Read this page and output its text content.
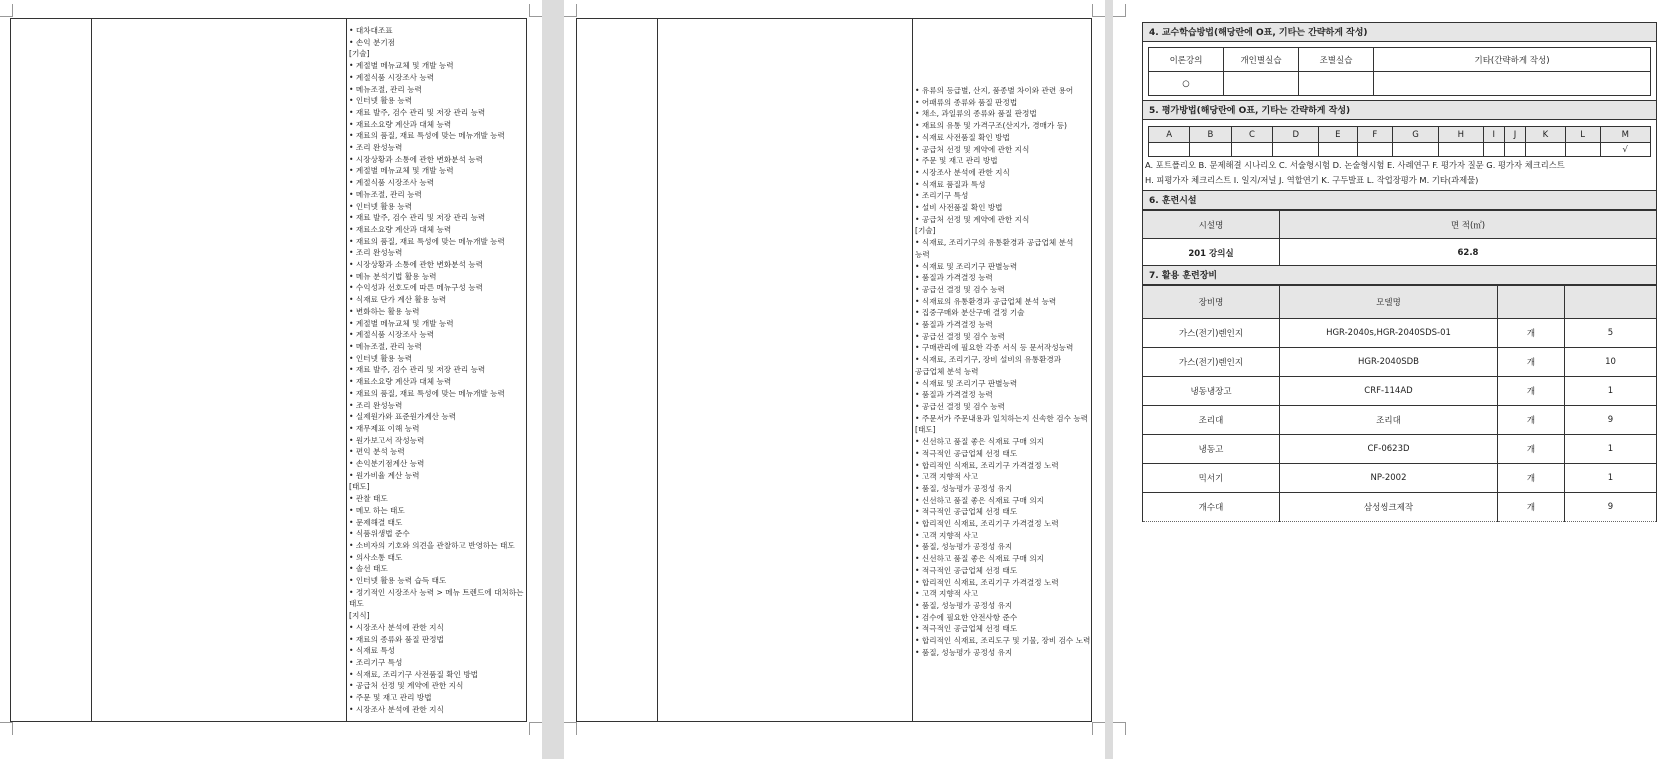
• 대차대조표
• 손익 분기점
[기술]
• 계절별 메뉴교체 및 개발 능력
• 계절식품 시장조사 능력
• 메뉴조절, 관리 능력
• 인터넷 활용 능력
• 재료 발주, 검수 관리 및 저장 관리 능력
• 재료소요량 계산과 대체 능력
• 재료의 품질, 재료 특성에 맞는 메뉴개발 능력
• 조리 완성능력
• 시장상황과 소통에 관한 변화분석 능력
• 계절별 메뉴교체 및 개발 능력
• 계절식품 시장조사 능력
• 메뉴조절, 관리 능력
• 인터넷 활용 능력
• 재료 발주, 검수 관리 및 저장 관리 능력
• 재료소요량 계산과 대체 능력
• 재료의 품질, 재료 특성에 맞는 메뉴개발 능력
• 조리 완성능력
• 시장상황과 소통에 관한 변화분석 능력
• 메뉴 분석기법 활용 능력
• 수익성과 선호도에 따른 메뉴구성 능력
• 식재료 단가 계산 활용 능력
• 변화하는 활용 능력
• 계절별 메뉴교체 및 개발 능력
• 계절식품 시장조사 능력
• 메뉴조절, 관리 능력
• 인터넷 활용 능력
• 재료 발주, 검수 관리 및 저장 관리 능력
• 재료소요량 계산과 대체 능력
• 재료의 품질, 재료 특성에 맞는 메뉴개발 능력
• 조리 완성능력
• 실제원가와 표준원가계산 능력
• 재무제표 이해 능력
• 원가보고서 작성능력
• 편익 분석 능력
• 손익분기점계산 능력
• 원가비율 계산 능력
[태도]
• 관찰 태도
• 메모 하는 태도
• 문제해결 태도
• 식품위생법 준수
• 소비자의 기호와 의견을 관찰하고 반영하는 태도
• 의사소통 태도
• 솔선 태도
• 인터넷 활용 능력 습득 태도
• 정기적인 시장조사 능력 > 메뉴 트렌드에 대처하는
태도
[지식]
• 시장조사 분석에 관한 지식
• 재료의 종류와 품질 판정법
• 식재료 특성
• 조리기구 특성
• 식재료, 조리기구 사전품질 확인 방법
• 공급처 선정 및 계약에 관한 지식
• 주문 및 재고 관리 방법
• 시장조사 분석에 관한 지식
• 유류의 등급별, 산지, 품종별 차이와 관련 용어
• 어패류의 종류와 품질 판정법
• 채소, 과일류의 종류와 품질 판정법
• 재료의 유통 및 가격구조(산지가, 경매가 등)
• 식재료 사전품질 확인 방법
• 공급처 선정 및 계약에 관한 지식
• 주문 및 재고 관리 방법
• 시장조사 분석에 관한 지식
• 식재료 품질과 특성
• 조리기구 특성
• 설비 사전품질 확인 방법
• 공급처 선정 및 계약에 관한 지식
[기술]
• 식재료, 조리기구의 유통환경과 공급업체 분석
능력
• 식재료 및 조리기구 판별능력
• 품질과 가격결정 능력
• 공급선 결정 및 검수 능력
• 식재료의 유통환경과 공급업체 분석 능력
• 집중구매와 분산구매 결정 기술
• 품질과 가격결정 능력
• 공급선 결정 및 검수 능력
• 구매관리에 필요한 각종 서식 등 문서작성능력
• 식재료, 조리기구, 장비 설비의 유통환경과
공급업체 분석 능력
• 식재료 및 조리기구 판별능력
• 품질과 가격결정 능력
• 공급선 결정 및 검수 능력
• 주문서가 주문내용과 일치하는지 신속한 검수 능력
[태도]
• 신선하고 품질 좋은 식재료 구매 의지
• 적극적인 공급업체 선정 태도
• 합리적인 식재료, 조리기구 가격결정 노력
• 고객 지향적 사고
• 품질, 성능평가 공정성 유지
• 신선하고 품질 좋은 식재료 구매 의지
• 적극적인 공급업체 선정 태도
• 합리적인 식재료, 조리기구 가격결정 노력
• 고객 지향적 사고
• 품질, 성능평가 공정성 유지
• 신선하고 품질 좋은 식재료 구매 의지
• 적극적인 공급업체 선정 태도
• 합리적인 식재료, 조리기구 가격결정 노력
• 고객 지향적 사고
• 품질, 성능평가 공정성 유지
• 검수에 필요한 안전사항 준수
• 적극적인 공급업체 선정 태도
• 합리적인 식재료, 조리도구 및 기물, 장비 검수 노력
• 품질, 성능평가 공정성 유지
4. 교수학습방법(해당란에 O표, 기타는 간략하게 작성)
이론강의	개인별실습	조별실습	기타(간략하게 작성)
○			
5. 평가방법(해당란에 O표, 기타는 간략하게 작성)
A	B	C	D	E	F	G	H	I	J	K	L	M
												√
A. 포트폴리오 B. 문제해결 시나리오 C. 서술형시험 D. 논술형시험 E. 사례연구 F. 평가자 질문 G. 평가자 체크리스트
H. 피평가자 체크리스트 I. 일지/저널 J. 역할연기 K. 구두발표 L. 작업장평가 M. 기타(과제물)
6. 훈련시설
시설명	면 적(㎡)
201 강의실	62.8
7. 활용 훈련장비
장비명	모델명		
가스(전기)렌인지	HGR-2040s,HGR-2040SDS-01	개	5
가스(전기)렌인지	HGR-2040SDB	개	10
냉동냉장고	CRF-114AD	개	1
조리대	조리대	개	9
냉동고	CF-0623D	개	1
믹서기	NP-2002	개	1
개수대	삼성씽크제작	개	9
